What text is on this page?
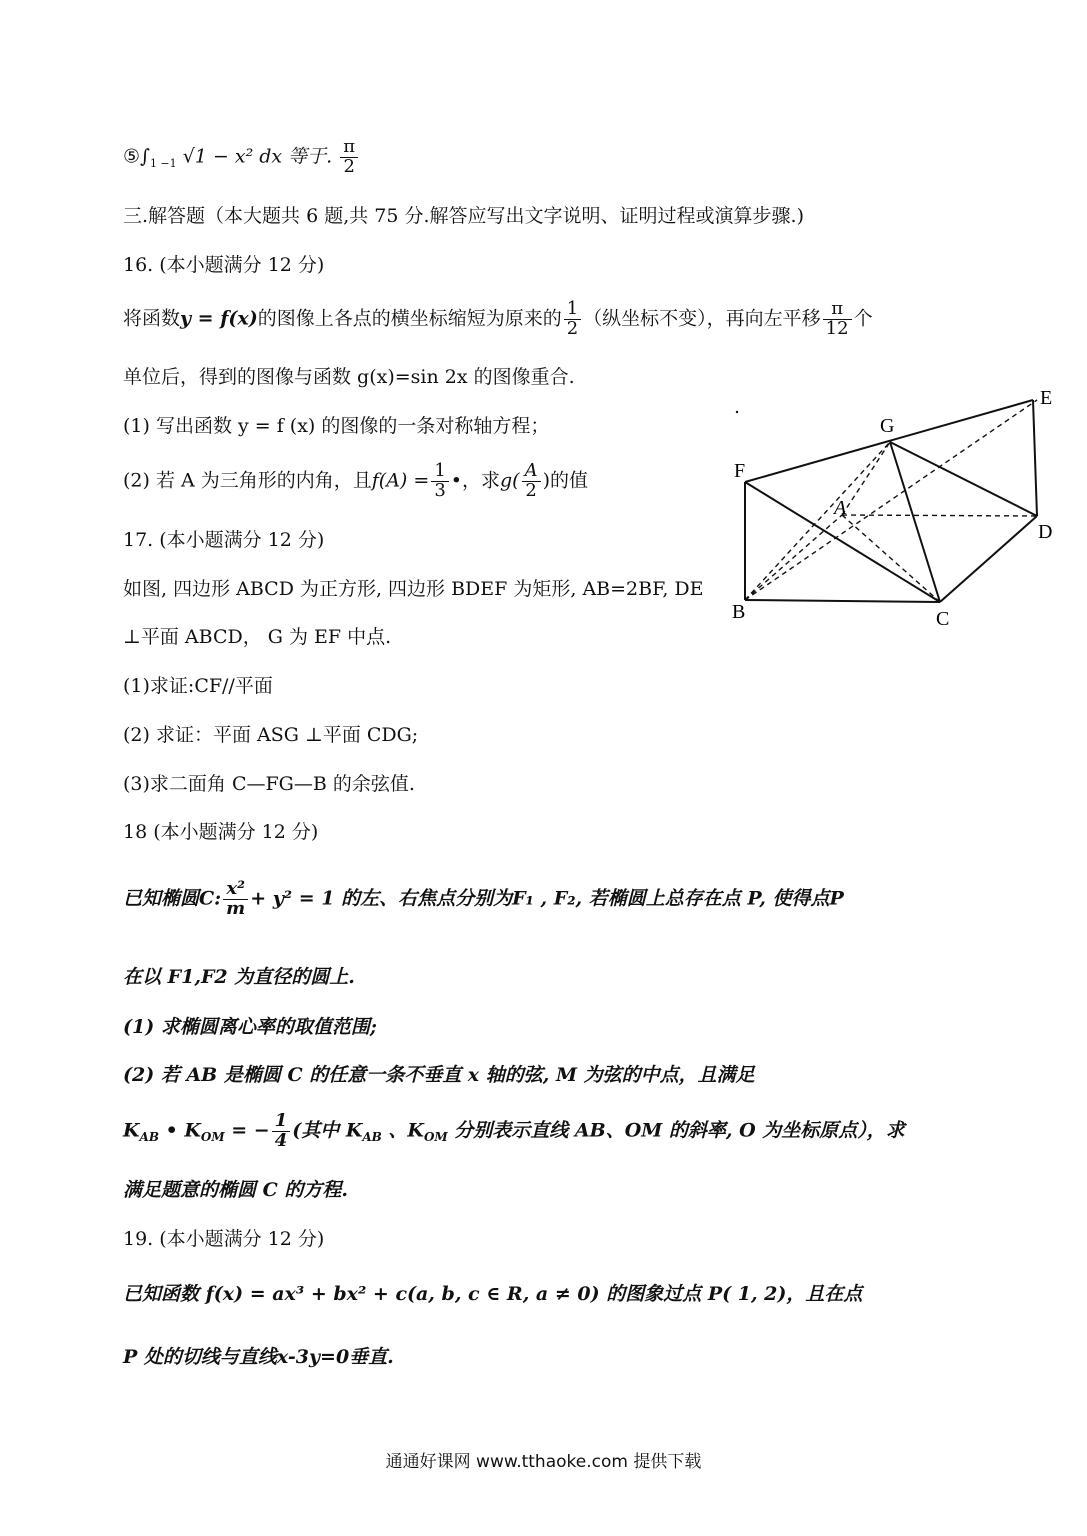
$⑤\int_{1 -1}$ √1 − x² dx 等于. $\frac{\pi}{2}$
三.解答题（本大题共 6 题,共 75 分.解答应写出文字说明、证明过程或演算步骤.)
16. (本小题满分 12 分)
将函数y = f(x)的图像上各点的横坐标缩短为原来的 $\frac{1}{2}$ （纵坐标不变），再向左平移 $\frac{\pi}{12}$ 个
单位后，得到的图像与函数 g(x)=sin 2x 的图像重合.
(1) 写出函数 y = f (x) 的图像的一条对称轴方程；
(2) 若 A 为三角形的内角，且$f(A) = \frac{1}{3}$ •，求$g( \frac{A}{2}$ )的值
17. (本小题满分 12 分)
如图, 四边形 ABCD 为正方形, 四边形 BDEF 为矩形, AB=2BF, DE
⊥平面 ABCD， G 为 EF 中点.
(1)求证:CF//平面
(2) 求证：平面 ASG ⊥平面 CDG;
(3)求二面角 C—FG—B 的余弦值.
18 (本小题满分 12 分)
已知椭圆C: $\frac{\text{x²}}{m} + y^2 = 1$ 的左、右焦点分别为F₁ , F₂, 若椭圆上总存在点 P, 使得点P
在以 F1,F2 为直径的圆上.
(1) 求椭圆离心率的取值范围;
(2) 若 AB 是椭圆 C 的任意一条不垂直 x 轴的弦, M 为弦的中点，且满足
$K_{AB}$ • $K_{OM}$ = − $\frac{1}{4}$ (其中 $K_{AB}$ 、$K_{OM}$ 分别表示直线 AB、OM 的斜率, O 为坐标原点），求
满足题意的椭圆 C 的方程.
19. (本小题满分 12 分)
已知函数 f(x) = ax³ + bx² + c(a, b, c ∈ R, a ≠ 0) 的图象过点 P( 1, 2)，且在点
P 处的切线与直线x-3y=0垂直.
E
G
F
A
D
B	C
通通好课网 www.tthaoke.com 提供下载
